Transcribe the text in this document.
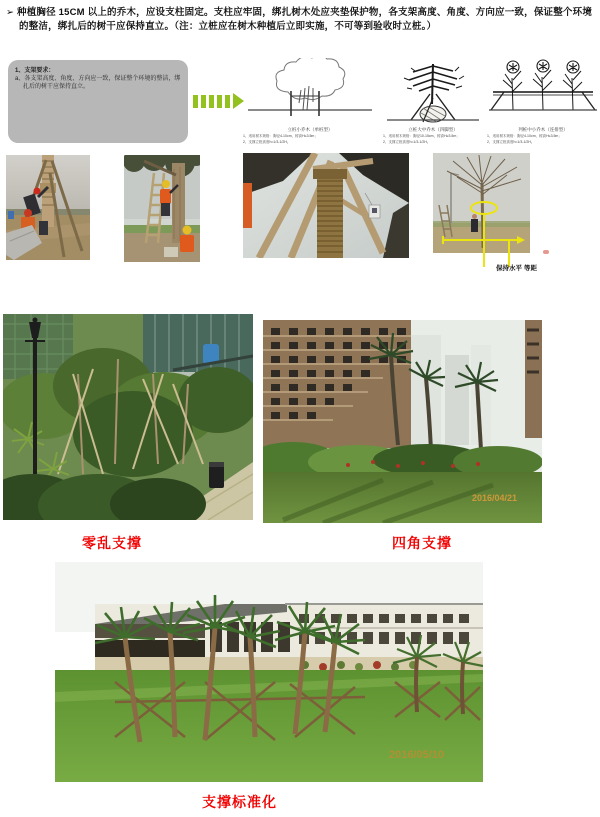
➢ 种植胸径 15CM 以上的乔木，应设支柱固定。支柱应牢固，绑扎树木处应夹垫保护物，各支架高度、角度、方向应一致，保证整个环境的整洁，绑扎后的树干应保持直立。（注：立桩应在树木种植后立即实施，不可等到验收时立桩。）
1、支架要求：
a、各支架高度、角度、方向应一致，保证整个环境的整洁，绑扎后的树干应保持直立。
立桩小乔木（单桩型）
1、适用树木规格：胸径4-10cm，树高H≤3.5m；
2、支撑立桩高度h=1/3-1/2H。
立桩大中乔木（四脚型）
1、适用树木规格：胸径10-15cm，树高H≥3.5m；
2、支撑立桩高度h=1/3-1/2H。
列桩中小乔木（连排型）
1、适用树木规格：胸径4-10cm，树高H≤3.5m；
2、支撑立桩高度h=1/3-1/2H。
保持水平 等距
2016/04/21
零乱支撑	四角支撑
2016/05/10
支撑标准化
